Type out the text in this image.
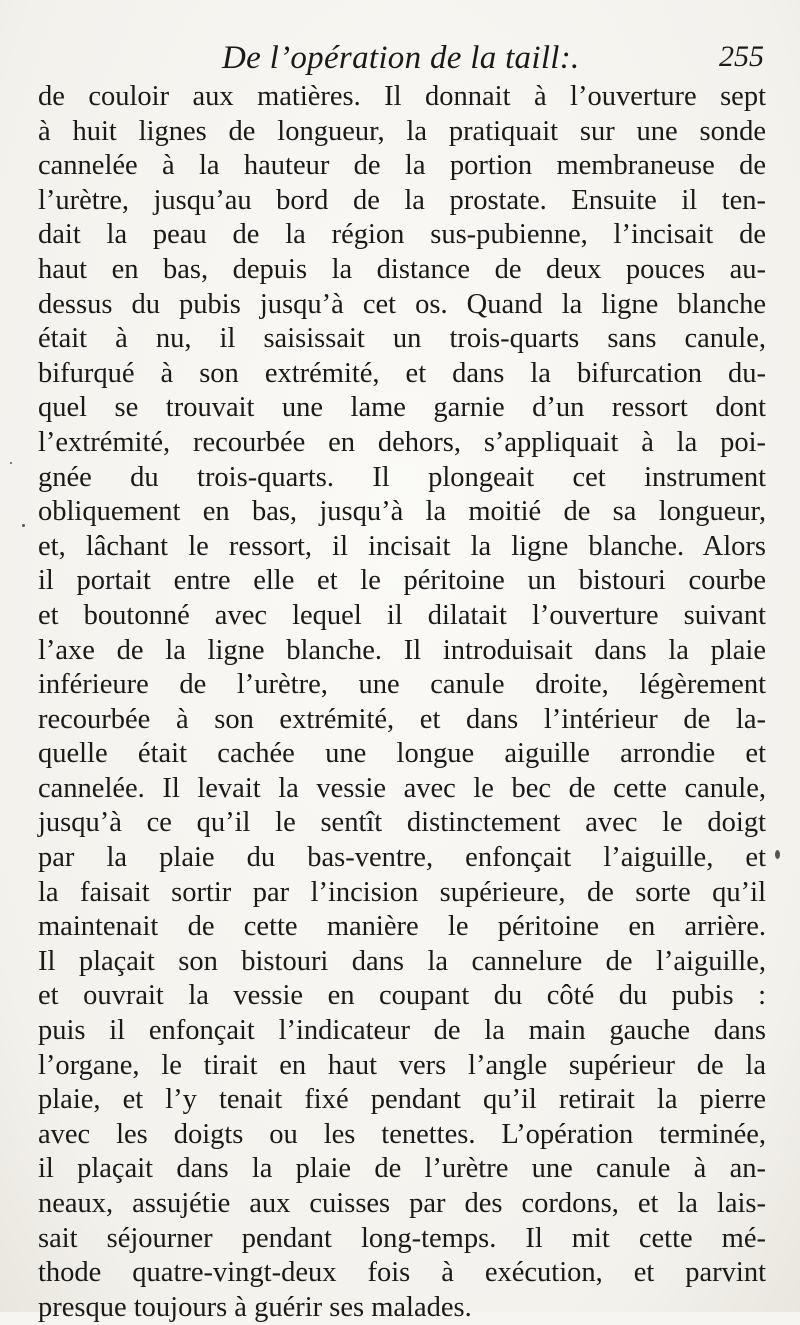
De l’opération de la taill:.	255
de couloir aux matières. Il donnait à l’ouverture sept
à huit lignes de longueur, la pratiquait sur une sonde
cannelée à la hauteur de la portion membraneuse de
l’urètre, jusqu’au bord de la prostate. Ensuite il ten-
dait la peau de la région sus-pubienne, l’incisait de
haut en bas, depuis la distance de deux pouces au-
dessus du pubis jusqu’à cet os. Quand la ligne blanche
était à nu, il saisissait un trois-quarts sans canule,
bifurqué à son extrémité, et dans la bifurcation du-
quel se trouvait une lame garnie d’un ressort dont
l’extrémité, recourbée en dehors, s’appliquait à la poi-
gnée du trois-quarts. Il plongeait cet instrument
obliquement en bas, jusqu’à la moitié de sa longueur,
et, lâchant le ressort, il incisait la ligne blanche. Alors
il portait entre elle et le péritoine un bistouri courbe
et boutonné avec lequel il dilatait l’ouverture suivant
l’axe de la ligne blanche. Il introduisait dans la plaie
inférieure de l’urètre, une canule droite, légèrement
recourbée à son extrémité, et dans l’intérieur de la-
quelle était cachée une longue aiguille arrondie et
cannelée. Il levait la vessie avec le bec de cette canule,
jusqu’à ce qu’il le sentît distinctement avec le doigt
par la plaie du bas-ventre, enfonçait l’aiguille, et
la faisait sortir par l’incision supérieure, de sorte qu’il
maintenait de cette manière le péritoine en arrière.
Il plaçait son bistouri dans la cannelure de l’aiguille,
et ouvrait la vessie en coupant du côté du pubis :
puis il enfonçait l’indicateur de la main gauche dans
l’organe, le tirait en haut vers l’angle supérieur de la
plaie, et l’y tenait fixé pendant qu’il retirait la pierre
avec les doigts ou les tenettes. L’opération terminée,
il plaçait dans la plaie de l’urètre une canule à an-
neaux, assujétie aux cuisses par des cordons, et la lais-
sait séjourner pendant long-temps. Il mit cette mé-
thode quatre-vingt-deux fois à exécution, et parvint
presque toujours à guérir ses malades.
